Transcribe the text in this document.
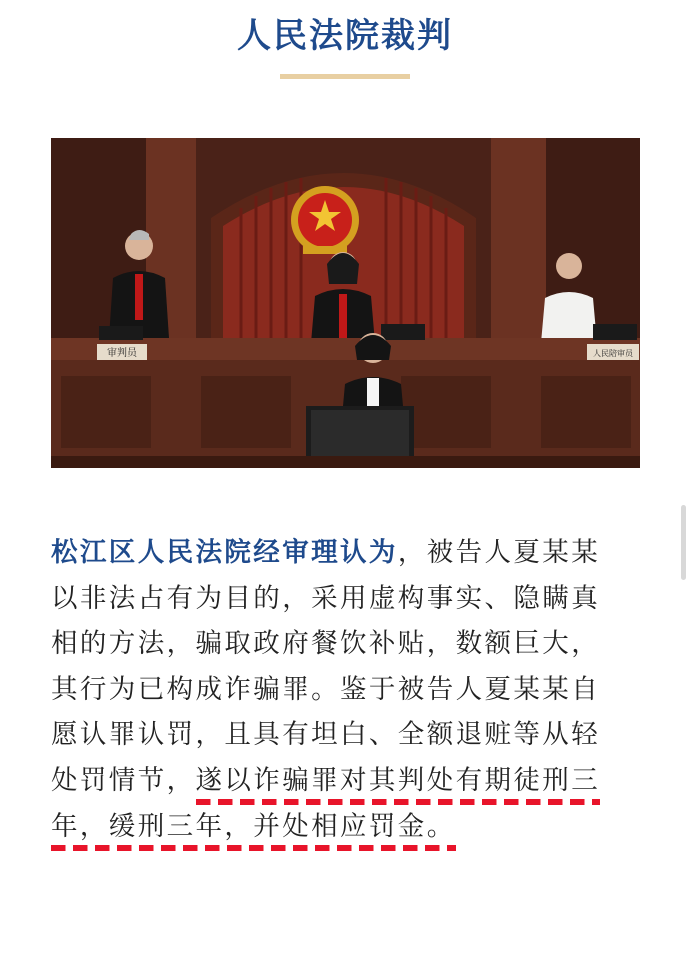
人民法院裁判
审判员	人民陪审员
松江区人民法院经审理认为，被告人夏某某
以非法占有为目的，采用虚构事实、隐瞒真
相的方法，骗取政府餐饮补贴，数额巨大，
其行为已构成诈骗罪。鉴于被告人夏某某自
愿认罪认罚，且具有坦白、全额退赃等从轻
处罚情节，遂以诈骗罪对其判处有期徒刑三
年，缓刑三年，并处相应罚金。
